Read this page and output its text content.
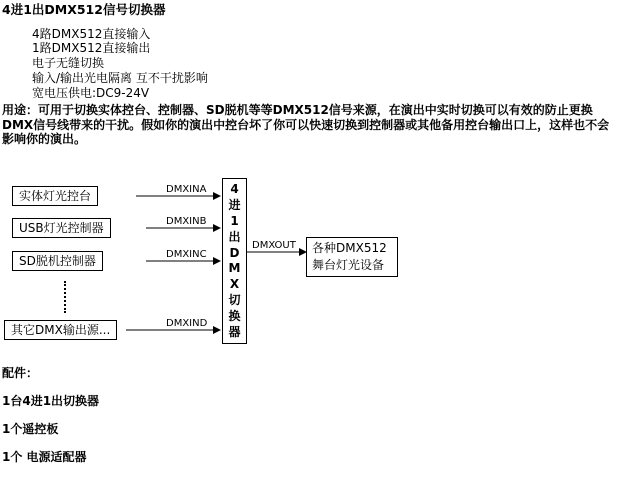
4进1出DMX512信号切换器
4路DMX512直接输入
1路DMX512直接输出
电子无缝切换
输入/输出光电隔离 互不干扰影响
宽电压供电:DC9-24V
用途：可用于切换实体控台、控制器、SD脱机等等DMX512信号来源，在演出中实时切换可以有效的防止更换DMX信号线带来的干扰。假如你的演出中控台坏了你可以快速切换到控制器或其他备用控台输出口上，这样也不会影响你的演出。
实体灯光控台
USB灯光控制器
SD脱机控制器
其它DMX输出源...
DMXINA
DMXINB
DMXINC
DMXIND
4
进
1
出
D
M
X
切
换
器
DMXOUT 各种DMX512
舞台灯光设备
配件：
1台4进1出切换器
1个遥控板
1个 电源适配器
